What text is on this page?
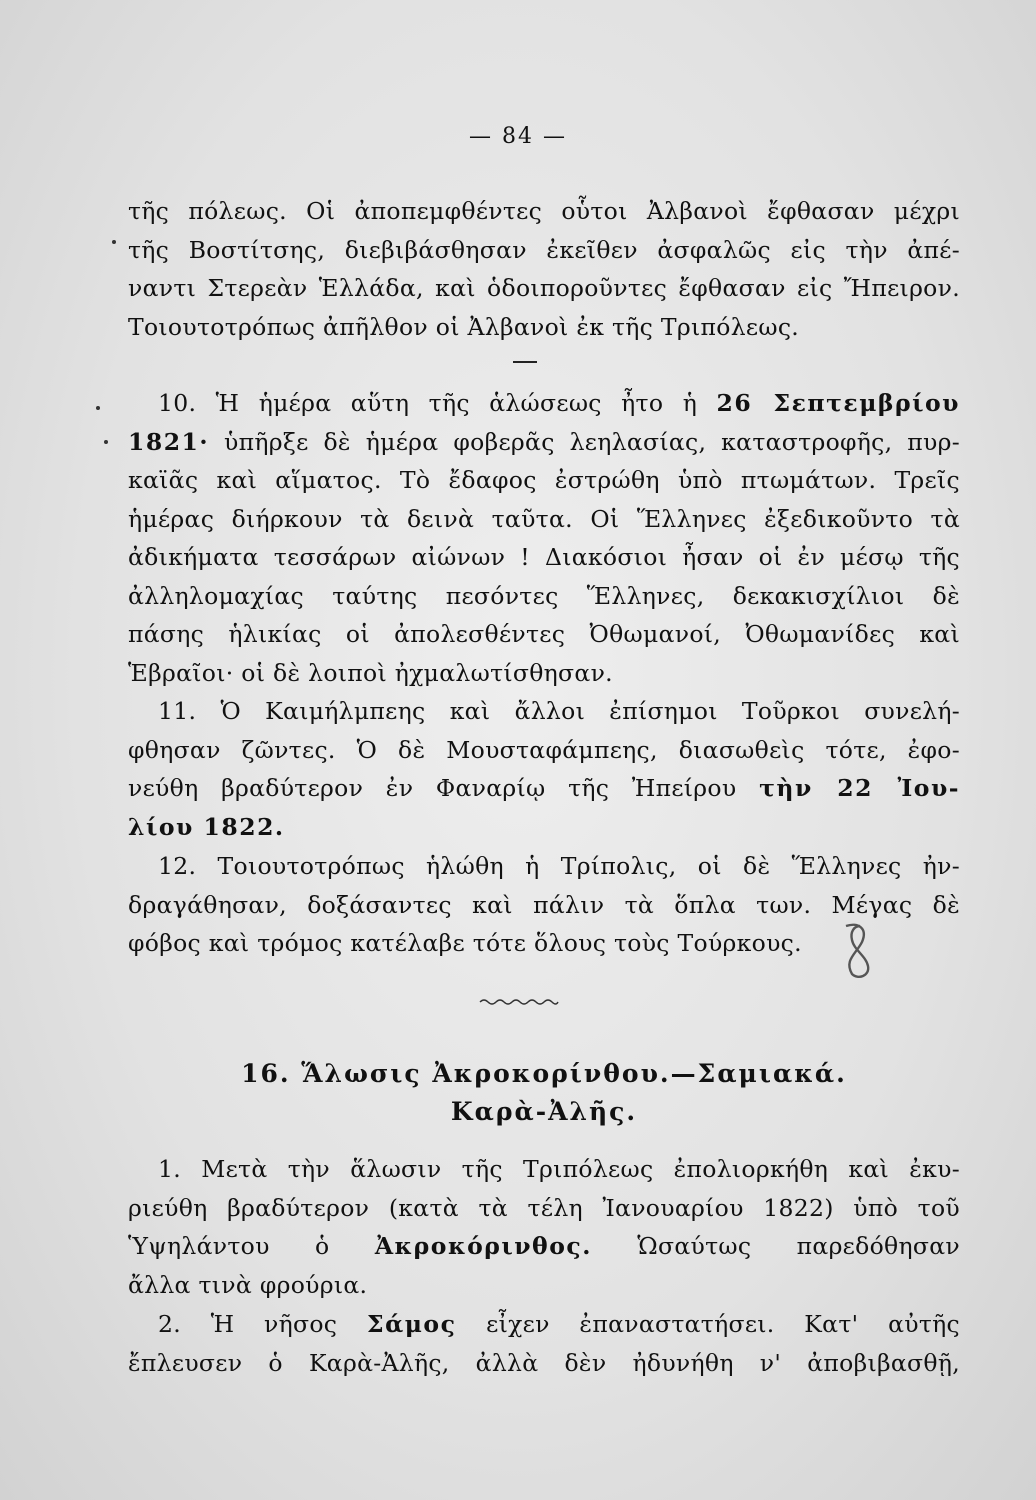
— 84 —
τῆς πόλεως. Οἱ ἀποπεμφθέντες οὗτοι Ἀλβανοὶ ἔφθασαν μέχρι
τῆς Βοστίτσης, διεβιβάσθησαν ἐκεῖθεν ἀσφαλῶς εἰς τὴν ἀπέ-
ναντι Στερεὰν Ἑλλάδα, καὶ ὁδοιποροῦντες ἔφθασαν εἰς Ἤπειρον.
Τοιουτοτρόπως ἀπῆλθον οἱ Ἀλβανοὶ ἐκ τῆς Τριπόλεως.
10. Ἡ ἡμέρα αὕτη τῆς ἁλώσεως ἦτο ἡ 26 Σεπτεμβρίου
1821· ὑπῆρξε δὲ ἡμέρα φοβερᾶς λεηλασίας, καταστροφῆς, πυρ-
καϊᾶς καὶ αἵματος. Τὸ ἔδαφος ἐστρώθη ὑπὸ πτωμάτων. Τρεῖς
ἡμέρας διήρκουν τὰ δεινὰ ταῦτα. Οἱ Ἕλληνες ἐξεδικοῦντο τὰ
ἀδικήματα τεσσάρων αἰώνων ! Διακόσιοι ἦσαν οἱ ἐν μέσῳ τῆς
ἀλληλομαχίας ταύτης πεσόντες Ἕλληνες, δεκακισχίλιοι δὲ
πάσης ἡλικίας οἱ ἀπολεσθέντες Ὀθωμανοί, Ὀθωμανίδες καὶ
Ἑβραῖοι· οἱ δὲ λοιποὶ ἠχμαλωτίσθησαν.
11. Ὁ Καιμήλμπεης καὶ ἄλλοι ἐπίσημοι Τοῦρκοι συνελή-
φθησαν ζῶντες. Ὁ δὲ Μουσταφάμπεης, διασωθεὶς τότε, ἐφο-
νεύθη βραδύτερον ἐν Φαναρίῳ τῆς Ἠπείρου τὴν 22 Ἰου-
λίου 1822.
12. Τοιουτοτρόπως ἡλώθη ἡ Τρίπολις, οἱ δὲ Ἕλληνες ἠν-
δραγάθησαν, δοξάσαντες καὶ πάλιν τὰ ὅπλα των. Μέγας δὲ
φόβος καὶ τρόμος κατέλαβε τότε ὅλους τοὺς Τούρκους.
16. Ἅλωσις Ἀκροκορίνθου.—Σαμιακά.
Καρὰ-Ἀλῆς.
1. Μετὰ τὴν ἅλωσιν τῆς Τριπόλεως ἐπολιορκήθη καὶ ἐκυ-
ριεύθη βραδύτερον (κατὰ τὰ τέλη Ἰανουαρίου 1822) ὑπὸ τοῦ
Ὑψηλάντου ὁ Ἀκροκόρινθος. Ὡσαύτως παρεδόθησαν
ἄλλα τινὰ φρούρια.
2. Ἡ νῆσος Σάμος εἶχεν ἐπαναστατήσει. Κατ' αὐτῆς
ἔπλευσεν ὁ Καρὰ-Ἀλῆς, ἀλλὰ δὲν ἠδυνήθη ν' ἀποβιβασθῇ,
